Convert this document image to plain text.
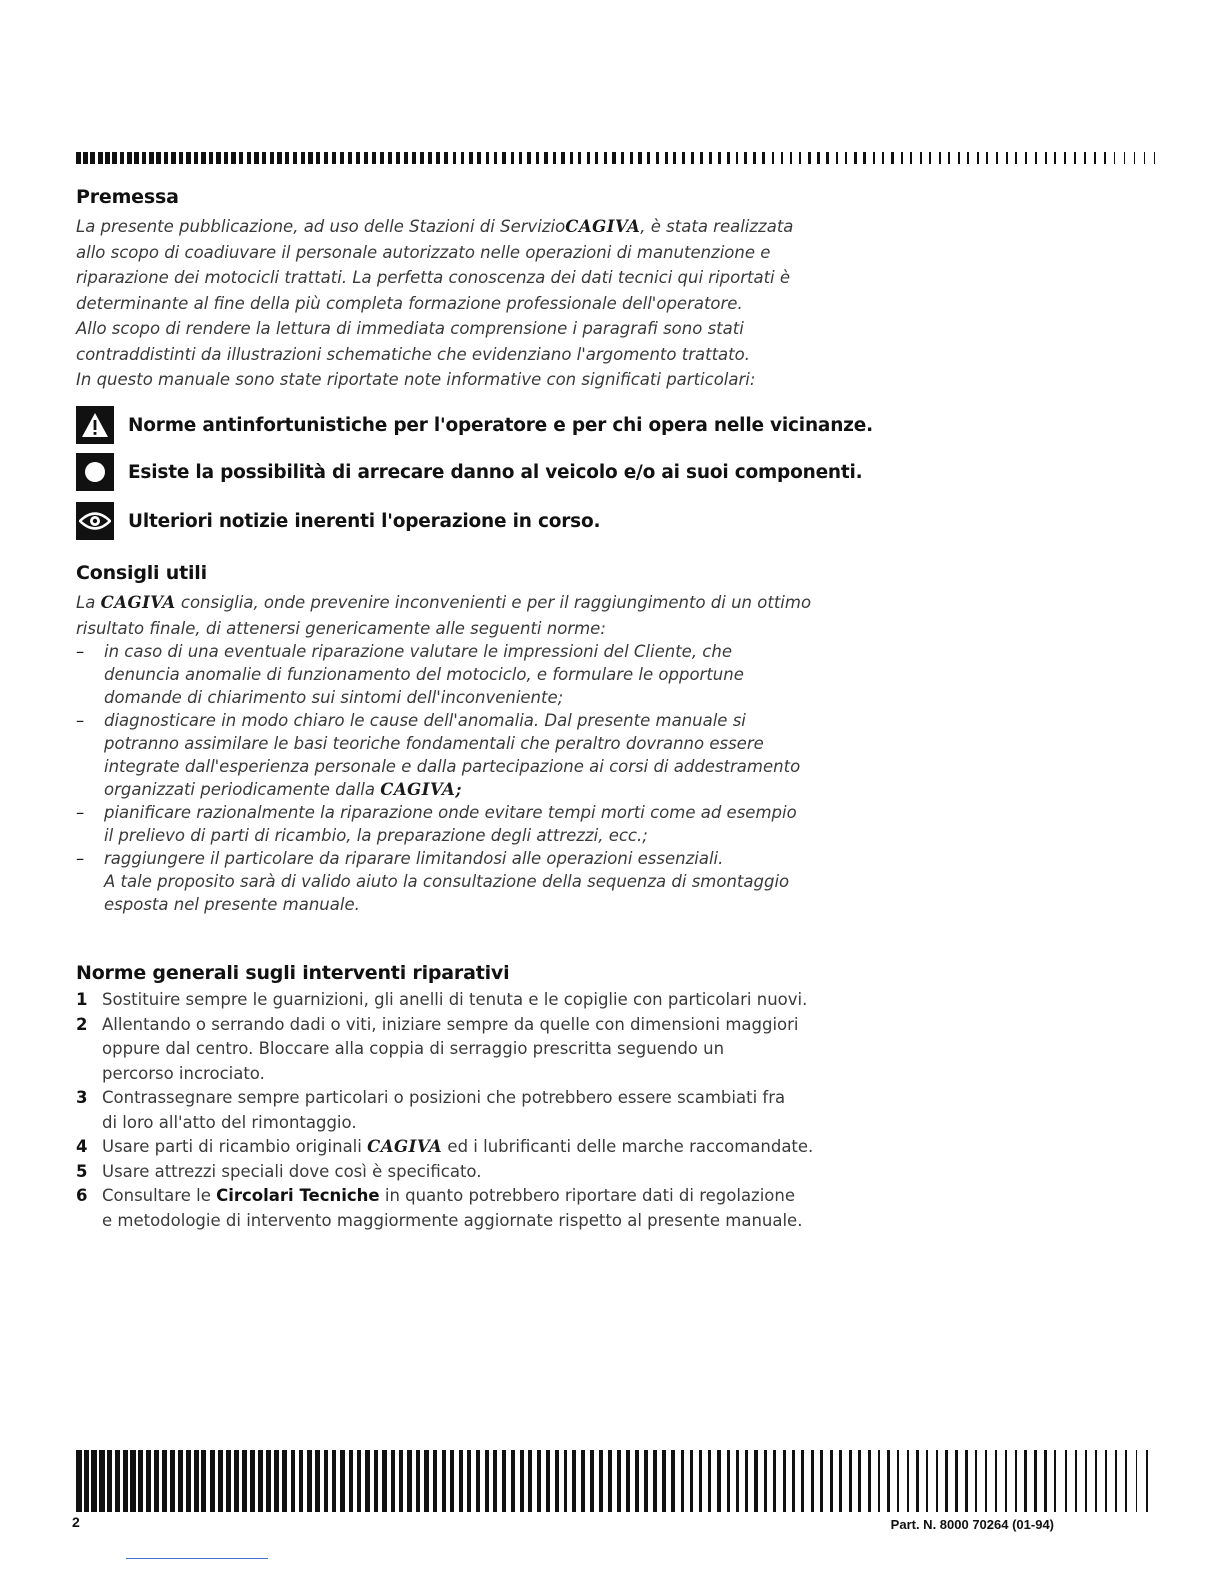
Premessa

La presente pubblicazione, ad uso delle Stazioni di ServizioCAGIVA, è stata realizzata
allo scopo di coadiuvare il personale autorizzato nelle operazioni di manutenzione e
riparazione dei motocicli trattati. La perfetta conoscenza dei dati tecnici qui riportati è
determinante al fine della più completa formazione professionale dell'operatore.
Allo scopo di rendere la lettura di immediata comprensione i paragrafi sono stati
contraddistinti da illustrazioni schematiche che evidenziano l'argomento trattato.
In questo manuale sono state riportate note informative con significati particolari:

Norme antinfortunistiche per l'operatore e per chi opera nelle vicinanze.
Esiste la possibilità di arrecare danno al veicolo e/o ai suoi componenti.
Ulteriori notizie inerenti l'operazione in corso.
Consigli utili

La CAGIVA consiglia, onde prevenire inconvenienti e per il raggiungimento di un ottimo
risultato finale, di attenersi genericamente alle seguenti norme:

– in caso di una eventuale riparazione valutare le impressioni del Cliente, che
denuncia anomalie di funzionamento del motociclo, e formulare le opportune
domande di chiarimento sui sintomi dell'inconveniente;
– diagnosticare in modo chiaro le cause dell'anomalia. Dal presente manuale si
potranno assimilare le basi teoriche fondamentali che peraltro dovranno essere
integrate dall'esperienza personale e dalla partecipazione ai corsi di addestramento
organizzati periodicamente dalla CAGIVA;
– pianificare razionalmente la riparazione onde evitare tempi morti come ad esempio
il prelievo di parti di ricambio, la preparazione degli attrezzi, ecc.;
– raggiungere il particolare da riparare limitandosi alle operazioni essenziali.
A tale proposito sarà di valido aiuto la consultazione della sequenza di smontaggio
esposta nel presente manuale.
Norme generali sugli interventi riparativi
1 Sostituire sempre le guarnizioni, gli anelli di tenuta e le copiglie con particolari nuovi.
2 Allentando o serrando dadi o viti, iniziare sempre da quelle con dimensioni maggiori
oppure dal centro. Bloccare alla coppia di serraggio prescritta seguendo un
percorso incrociato.
3 Contrassegnare sempre particolari o posizioni che potrebbero essere scambiati fra
di loro all'atto del rimontaggio.
4 Usare parti di ricambio originali CAGIVA ed i lubrificanti delle marche raccomandate.
5 Usare attrezzi speciali dove così è specificato.
6 Consultare le Circolari Tecniche in quanto potrebbero riportare dati di regolazione
e metodologie di intervento maggiormente aggiornate rispetto al presente manuale.
2	Part. N. 8000 70264 (01-94)
